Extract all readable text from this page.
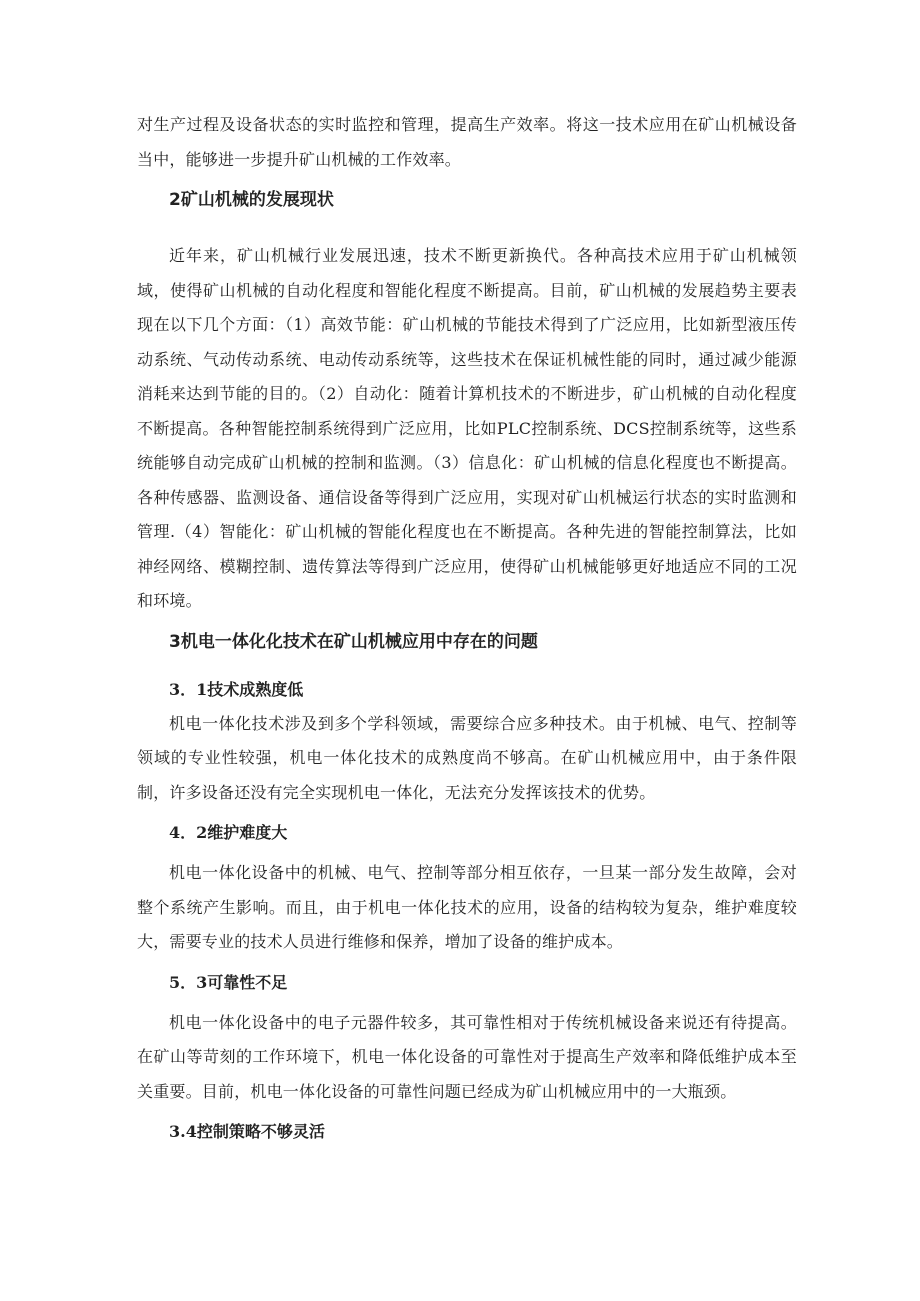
对生产过程及设备状态的实时监控和管理，提高生产效率。将这一技术应用在矿山机械设备当中，能够进一步提升矿山机械的工作效率。

2矿山机械的发展现状

近年来，矿山机械行业发展迅速，技术不断更新换代。各种高技术应用于矿山机械领域，使得矿山机械的自动化程度和智能化程度不断提高。目前，矿山机械的发展趋势主要表现在以下几个方面：（1）高效节能：矿山机械的节能技术得到了广泛应用，比如新型液压传动系统、气动传动系统、电动传动系统等，这些技术在保证机械性能的同时，通过减少能源消耗来达到节能的目的。（2）自动化：随着计算机技术的不断进步，矿山机械的自动化程度不断提高。各种智能控制系统得到广泛应用，比如PLC控制系统、DCS控制系统等，这些系统能够自动完成矿山机械的控制和监测。（3）信息化：矿山机械的信息化程度也不断提高。各种传感器、监测设备、通信设备等得到广泛应用，实现对矿山机械运行状态的实时监测和管理.（4）智能化：矿山机械的智能化程度也在不断提高。各种先进的智能控制算法，比如神经网络、模糊控制、遗传算法等得到广泛应用，使得矿山机械能够更好地适应不同的工况和环境。

3机电一体化化技术在矿山机械应用中存在的问题
3．1技术成熟度低

机电一体化技术涉及到多个学科领域，需要综合应多种技术。由于机械、电气、控制等领域的专业性较强，机电一体化技术的成熟度尚不够高。在矿山机械应用中，由于条件限制，许多设备还没有完全实现机电一体化，无法充分发挥该技术的优势。

4．2维护难度大

机电一体化设备中的机械、电气、控制等部分相互依存，一旦某一部分发生故障，会对整个系统产生影响。而且，由于机电一体化技术的应用，设备的结构较为复杂，维护难度较大，需要专业的技术人员进行维修和保养，增加了设备的维护成本。

5．3可靠性不足

机电一体化设备中的电子元器件较多，其可靠性相对于传统机械设备来说还有待提高。在矿山等苛刻的工作环境下，机电一体化设备的可靠性对于提高生产效率和降低维护成本至关重要。目前，机电一体化设备的可靠性问题已经成为矿山机械应用中的一大瓶颈。

3.4控制策略不够灵活
